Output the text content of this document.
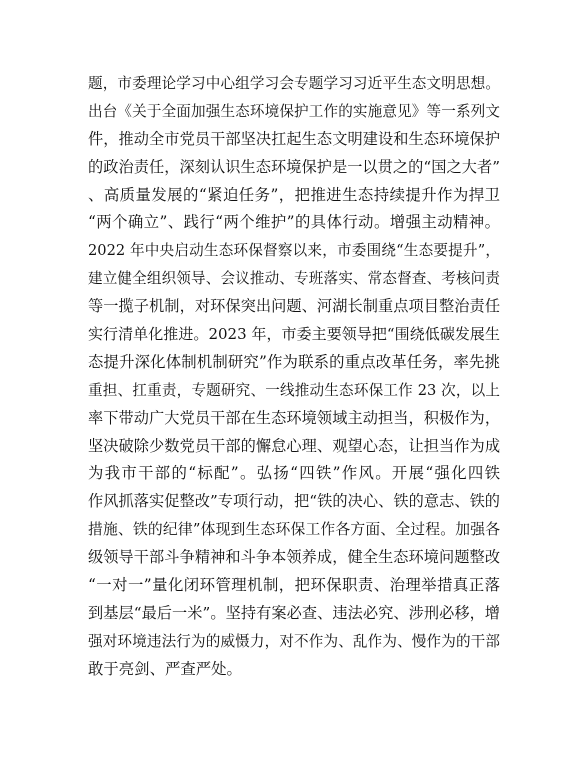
题，市委理论学习中心组学习会专题学习习近平生态文明思想。
出台《关于全面加强生态环境保护工作的实施意见》等一系列文
件，推动全市党员干部坚决扛起生态文明建设和生态环境保护
的政治责任，深刻认识生态环境保护是一以贯之的“国之大者”
、高质量发展的“紧迫任务”，把推进生态持续提升作为捍卫
“两个确立”、践行“两个维护”的具体行动。增强主动精神。
2022 年中央启动生态环保督察以来，市委围绕“生态要提升”，
建立健全组织领导、会议推动、专班落实、常态督查、考核问责
等一揽子机制，对环保突出问题、河湖长制重点项目整治责任
实行清单化推进。2023 年，市委主要领导把“围绕低碳发展生
态提升深化体制机制研究”作为联系的重点改革任务，率先挑
重担、扛重责，专题研究、一线推动生态环保工作 23 次，以上
率下带动广大党员干部在生态环境领域主动担当，积极作为，
坚决破除少数党员干部的懈怠心理、观望心态，让担当作为成
为我市干部的“标配”。弘扬“四铁”作风。开展“强化四铁
作风抓落实促整改”专项行动，把“铁的决心、铁的意志、铁的
措施、铁的纪律”体现到生态环保工作各方面、全过程。加强各
级领导干部斗争精神和斗争本领养成，健全生态环境问题整改
“一对一”量化闭环管理机制，把环保职责、治理举措真正落
到基层“最后一米”。坚持有案必查、违法必究、涉刑必移，增
强对环境违法行为的威慑力，对不作为、乱作为、慢作为的干部
敢于亮剑、严查严处。
